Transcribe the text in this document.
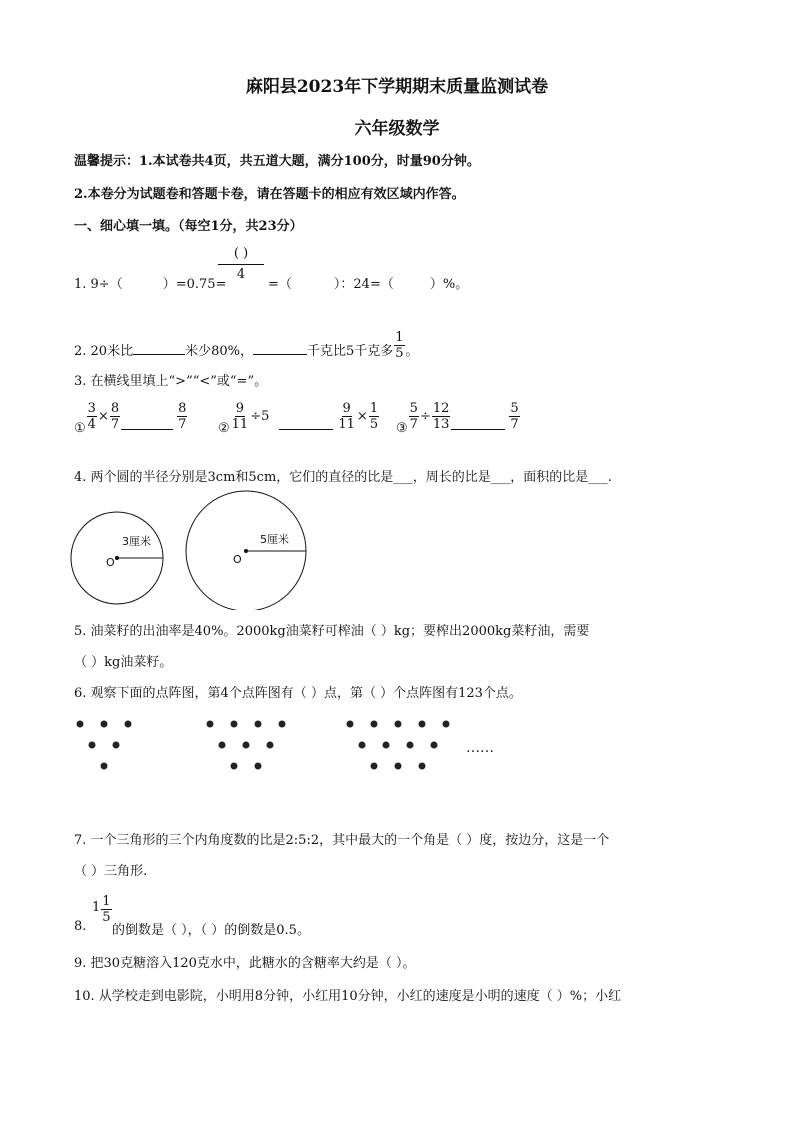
麻阳县2023年下学期期末质量监测试卷
六年级数学
温馨提示：1.本试卷共4页，共五道大题，满分100分，时量90分钟。
2.本卷分为试题卷和答题卡卷，请在答题卡的相应有效区域内作答。
一、细心填一填。（每空1分，共23分）
1. 9÷（	）=0.75=
( )
4
=（	）：24=（	）%。
2. 20米比	米少80%，	千克比5千克多 $\frac{1}{5}$ 。
3. 在横线里填上“>”“<”或“=”。
① $\frac{3}{4} \times \frac{8}{7}$	$\frac{8}{7}$ ② $\frac{9}{11} \div 5$	$\frac{9}{11} \times \frac{1}{5}$ ③ $\frac{5}{7} \div \frac{12}{13}$	$\frac{5}{7}$
4. 两个圆的半径分别是3cm和5cm，它们的直径的比是___，周长的比是___，面积的比是___.
O
3厘米
O
5厘米
5. 油菜籽的出油率是40%。2000kg油菜籽可榨油（ ）kg；要榨出2000kg菜籽油，需要
（ ）kg油菜籽。
6. 观察下面的点阵图，第4个点阵图有（ ）点，第（ ）个点阵图有123个点。
……
7. 一个三角形的三个内角度数的比是2:5:2，其中最大的一个角是（ ）度，按边分，这是一个
（ ）三角形.
8.
$1 \frac{1}{5}$
的倒数是（ ），（ ）的倒数是0.5。
9. 把30克糖溶入120克水中，此糖水的含糖率大约是（ ）。
10. 从学校走到电影院，小明用8分钟，小红用10分钟，小红的速度是小明的速度（ ）%；小红
